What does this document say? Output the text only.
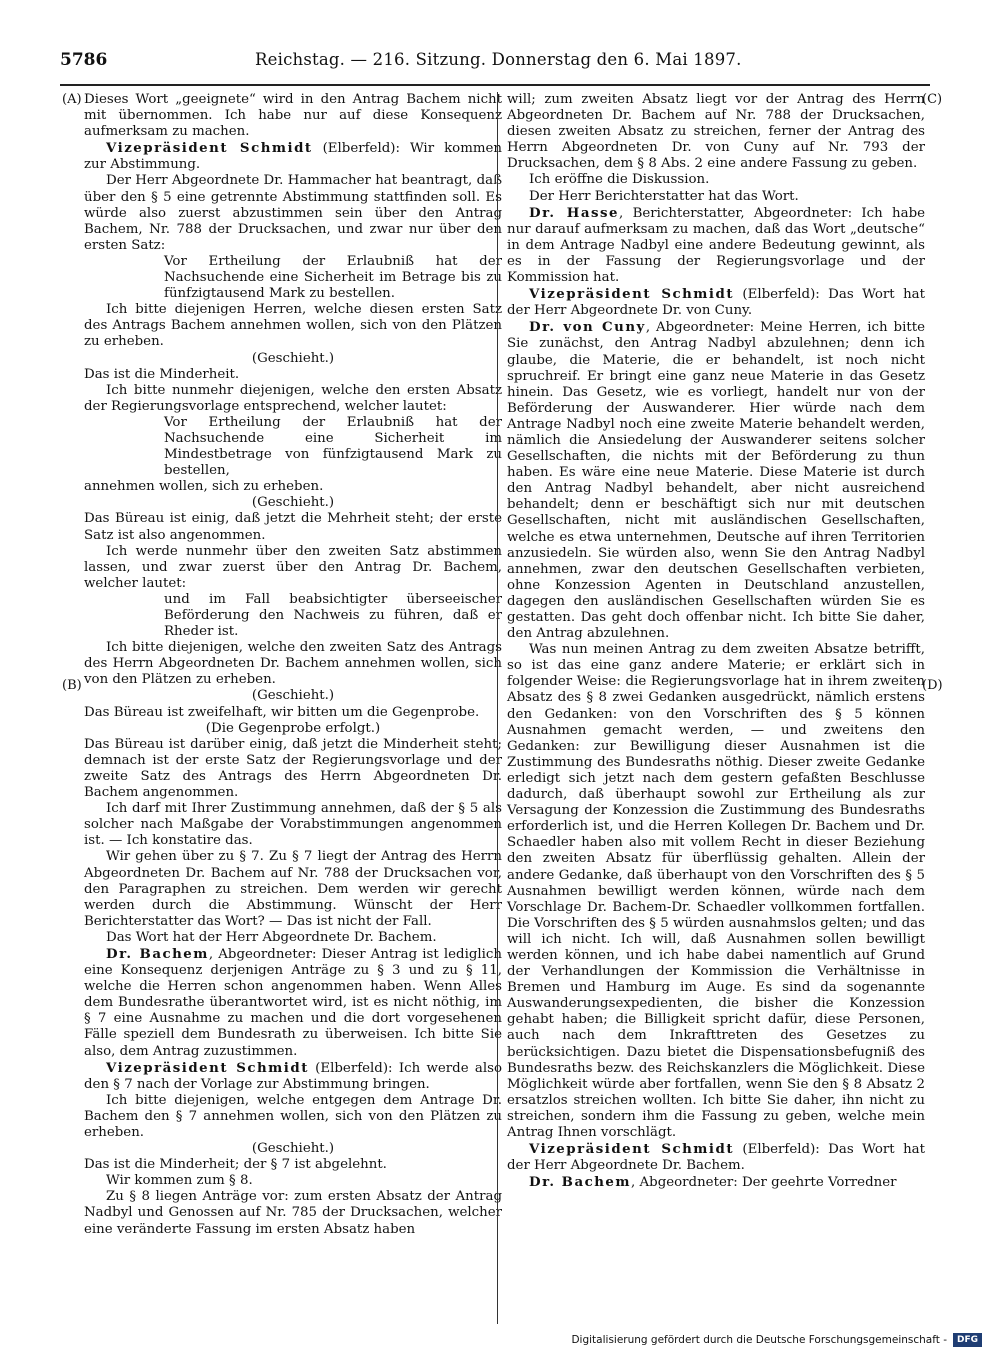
5786	Reichstag. — 216. Sitzung. Donnerstag den 6. Mai 1897.
(A)
(B)
(C)
(D)

Dieses Wort „geeignete“ wird in den Antrag Bachem nicht mit übernommen. Ich habe nur auf diese Konsequenz aufmerksam zu machen.

Vizepräsident Schmidt (Elberfeld): Wir kommen zur Abstimmung.

Der Herr Abgeordnete Dr. Hammacher hat beantragt, daß über den § 5 eine getrennte Abstimmung stattfinden soll. Es würde also zuerst abzustimmen sein über den Antrag Bachem, Nr. 788 der Drucksachen, und zwar nur über den ersten Satz:

Vor Ertheilung der Erlaubniß hat der Nachsuchende eine Sicherheit im Betrage bis zu fünfzigtausend Mark zu bestellen.

Ich bitte diejenigen Herren, welche diesen ersten Satz des Antrags Bachem annehmen wollen, sich von den Plätzen zu erheben.

(Geschieht.)

Das ist die Minderheit.

Ich bitte nunmehr diejenigen, welche den ersten Absatz der Regierungsvorlage entsprechend, welcher lautet:

Vor Ertheilung der Erlaubniß hat der Nachsuchende eine Sicherheit im Mindestbetrage von fünfzigtausend Mark zu bestellen,

annehmen wollen, sich zu erheben.

(Geschieht.)

Das Büreau ist einig, daß jetzt die Mehrheit steht; der erste Satz ist also angenommen.

Ich werde nunmehr über den zweiten Satz abstimmen lassen, und zwar zuerst über den Antrag Dr. Bachem, welcher lautet:

und im Fall beabsichtigter überseeischer Beförderung den Nachweis zu führen, daß er Rheder ist.

Ich bitte diejenigen, welche den zweiten Satz des Antrags des Herrn Abgeordneten Dr. Bachem annehmen wollen, sich von den Plätzen zu erheben.

(Geschieht.)

Das Büreau ist zweifelhaft, wir bitten um die Gegenprobe.

(Die Gegenprobe erfolgt.)

Das Büreau ist darüber einig, daß jetzt die Minderheit steht; demnach ist der erste Satz der Regierungsvorlage und der zweite Satz des Antrags des Herrn Abgeordneten Dr. Bachem angenommen.

Ich darf mit Ihrer Zustimmung annehmen, daß der § 5 als solcher nach Maßgabe der Vorabstimmungen angenommen ist. — Ich konstatire das.

Wir gehen über zu § 7. Zu § 7 liegt der Antrag des Herrn Abgeordneten Dr. Bachem auf Nr. 788 der Drucksachen vor, den Paragraphen zu streichen. Dem werden wir gerecht werden durch die Abstimmung. Wünscht der Herr Berichterstatter das Wort? — Das ist nicht der Fall.

Das Wort hat der Herr Abgeordnete Dr. Bachem.

Dr. Bachem, Abgeordneter: Dieser Antrag ist lediglich eine Konsequenz derjenigen Anträge zu § 3 und zu § 11, welche die Herren schon angenommen haben. Wenn Alles dem Bundesrathe überantwortet wird, ist es nicht nöthig, im § 7 eine Ausnahme zu machen und die dort vorgesehenen Fälle speziell dem Bundesrath zu überweisen. Ich bitte Sie also, dem Antrag zuzustimmen.

Vizepräsident Schmidt (Elberfeld): Ich werde also den § 7 nach der Vorlage zur Abstimmung bringen.

Ich bitte diejenigen, welche entgegen dem Antrage Dr. Bachem den § 7 annehmen wollen, sich von den Plätzen zu erheben.

(Geschieht.)

Das ist die Minderheit; der § 7 ist abgelehnt.

Wir kommen zum § 8.

Zu § 8 liegen Anträge vor: zum ersten Absatz der Antrag Nadbyl und Genossen auf Nr. 785 der Drucksachen, welcher eine veränderte Fassung im ersten Absatz haben

will; zum zweiten Absatz liegt vor der Antrag des Herrn Abgeordneten Dr. Bachem auf Nr. 788 der Drucksachen, diesen zweiten Absatz zu streichen, ferner der Antrag des Herrn Abgeordneten Dr. von Cuny auf Nr. 793 der Drucksachen, dem § 8 Abs. 2 eine andere Fassung zu geben.

Ich eröffne die Diskussion.

Der Herr Berichterstatter hat das Wort.

Dr. Hasse, Berichterstatter, Abgeordneter: Ich habe nur darauf aufmerksam zu machen, daß das Wort „deutsche“ in dem Antrage Nadbyl eine andere Bedeutung gewinnt, als es in der Fassung der Regierungsvorlage und der Kommission hat.

Vizepräsident Schmidt (Elberfeld): Das Wort hat der Herr Abgeordnete Dr. von Cuny.

Dr. von Cuny, Abgeordneter: Meine Herren, ich bitte Sie zunächst, den Antrag Nadbyl abzulehnen; denn ich glaube, die Materie, die er behandelt, ist noch nicht spruchreif. Er bringt eine ganz neue Materie in das Gesetz hinein. Das Gesetz, wie es vorliegt, handelt nur von der Beförderung der Auswanderer. Hier würde nach dem Antrage Nadbyl noch eine zweite Materie behandelt werden, nämlich die Ansiedelung der Auswanderer seitens solcher Gesellschaften, die nichts mit der Beförderung zu thun haben. Es wäre eine neue Materie. Diese Materie ist durch den Antrag Nadbyl behandelt, aber nicht ausreichend behandelt; denn er beschäftigt sich nur mit deutschen Gesellschaften, nicht mit ausländischen Gesellschaften, welche es etwa unternehmen, Deutsche auf ihren Territorien anzusiedeln. Sie würden also, wenn Sie den Antrag Nadbyl annehmen, zwar den deutschen Gesellschaften verbieten, ohne Konzession Agenten in Deutschland anzustellen, dagegen den ausländischen Gesellschaften würden Sie es gestatten. Das geht doch offenbar nicht. Ich bitte Sie daher, den Antrag abzulehnen.

Was nun meinen Antrag zu dem zweiten Absatze betrifft, so ist das eine ganz andere Materie; er erklärt sich in folgender Weise: die Regierungsvorlage hat in ihrem zweiten Absatz des § 8 zwei Gedanken ausgedrückt, nämlich erstens den Gedanken: von den Vorschriften des § 5 können Ausnahmen gemacht werden, — und zweitens den Gedanken: zur Bewilligung dieser Ausnahmen ist die Zustimmung des Bundesraths nöthig. Dieser zweite Gedanke erledigt sich jetzt nach dem gestern gefaßten Beschlusse dadurch, daß überhaupt sowohl zur Ertheilung als zur Versagung der Konzession die Zustimmung des Bundesraths erforderlich ist, und die Herren Kollegen Dr. Bachem und Dr. Schaedler haben also mit vollem Recht in dieser Beziehung den zweiten Absatz für überflüssig gehalten. Allein der andere Gedanke, daß überhaupt von den Vorschriften des § 5 Ausnahmen bewilligt werden können, würde nach dem Vorschlage Dr. Bachem-Dr. Schaedler vollkommen fortfallen. Die Vorschriften des § 5 würden ausnahmslos gelten; und das will ich nicht. Ich will, daß Ausnahmen sollen bewilligt werden können, und ich habe dabei namentlich auf Grund der Verhandlungen der Kommission die Verhältnisse in Bremen und Hamburg im Auge. Es sind da sogenannte Auswanderungsexpedienten, die bisher die Konzession gehabt haben; die Billigkeit spricht dafür, diese Personen, auch nach dem Inkrafttreten des Gesetzes zu berücksichtigen. Dazu bietet die Dispensationsbefugniß des Bundesraths bezw. des Reichskanzlers die Möglichkeit. Diese Möglichkeit würde aber fortfallen, wenn Sie den § 8 Absatz 2 ersatzlos streichen wollten. Ich bitte Sie daher, ihn nicht zu streichen, sondern ihm die Fassung zu geben, welche mein Antrag Ihnen vorschlägt.

Vizepräsident Schmidt (Elberfeld): Das Wort hat der Herr Abgeordnete Dr. Bachem.

Dr. Bachem, Abgeordneter: Der geehrte Vorredner

Digitalisierung gefördert durch die Deutsche Forschungsgemeinschaft -	DFG
